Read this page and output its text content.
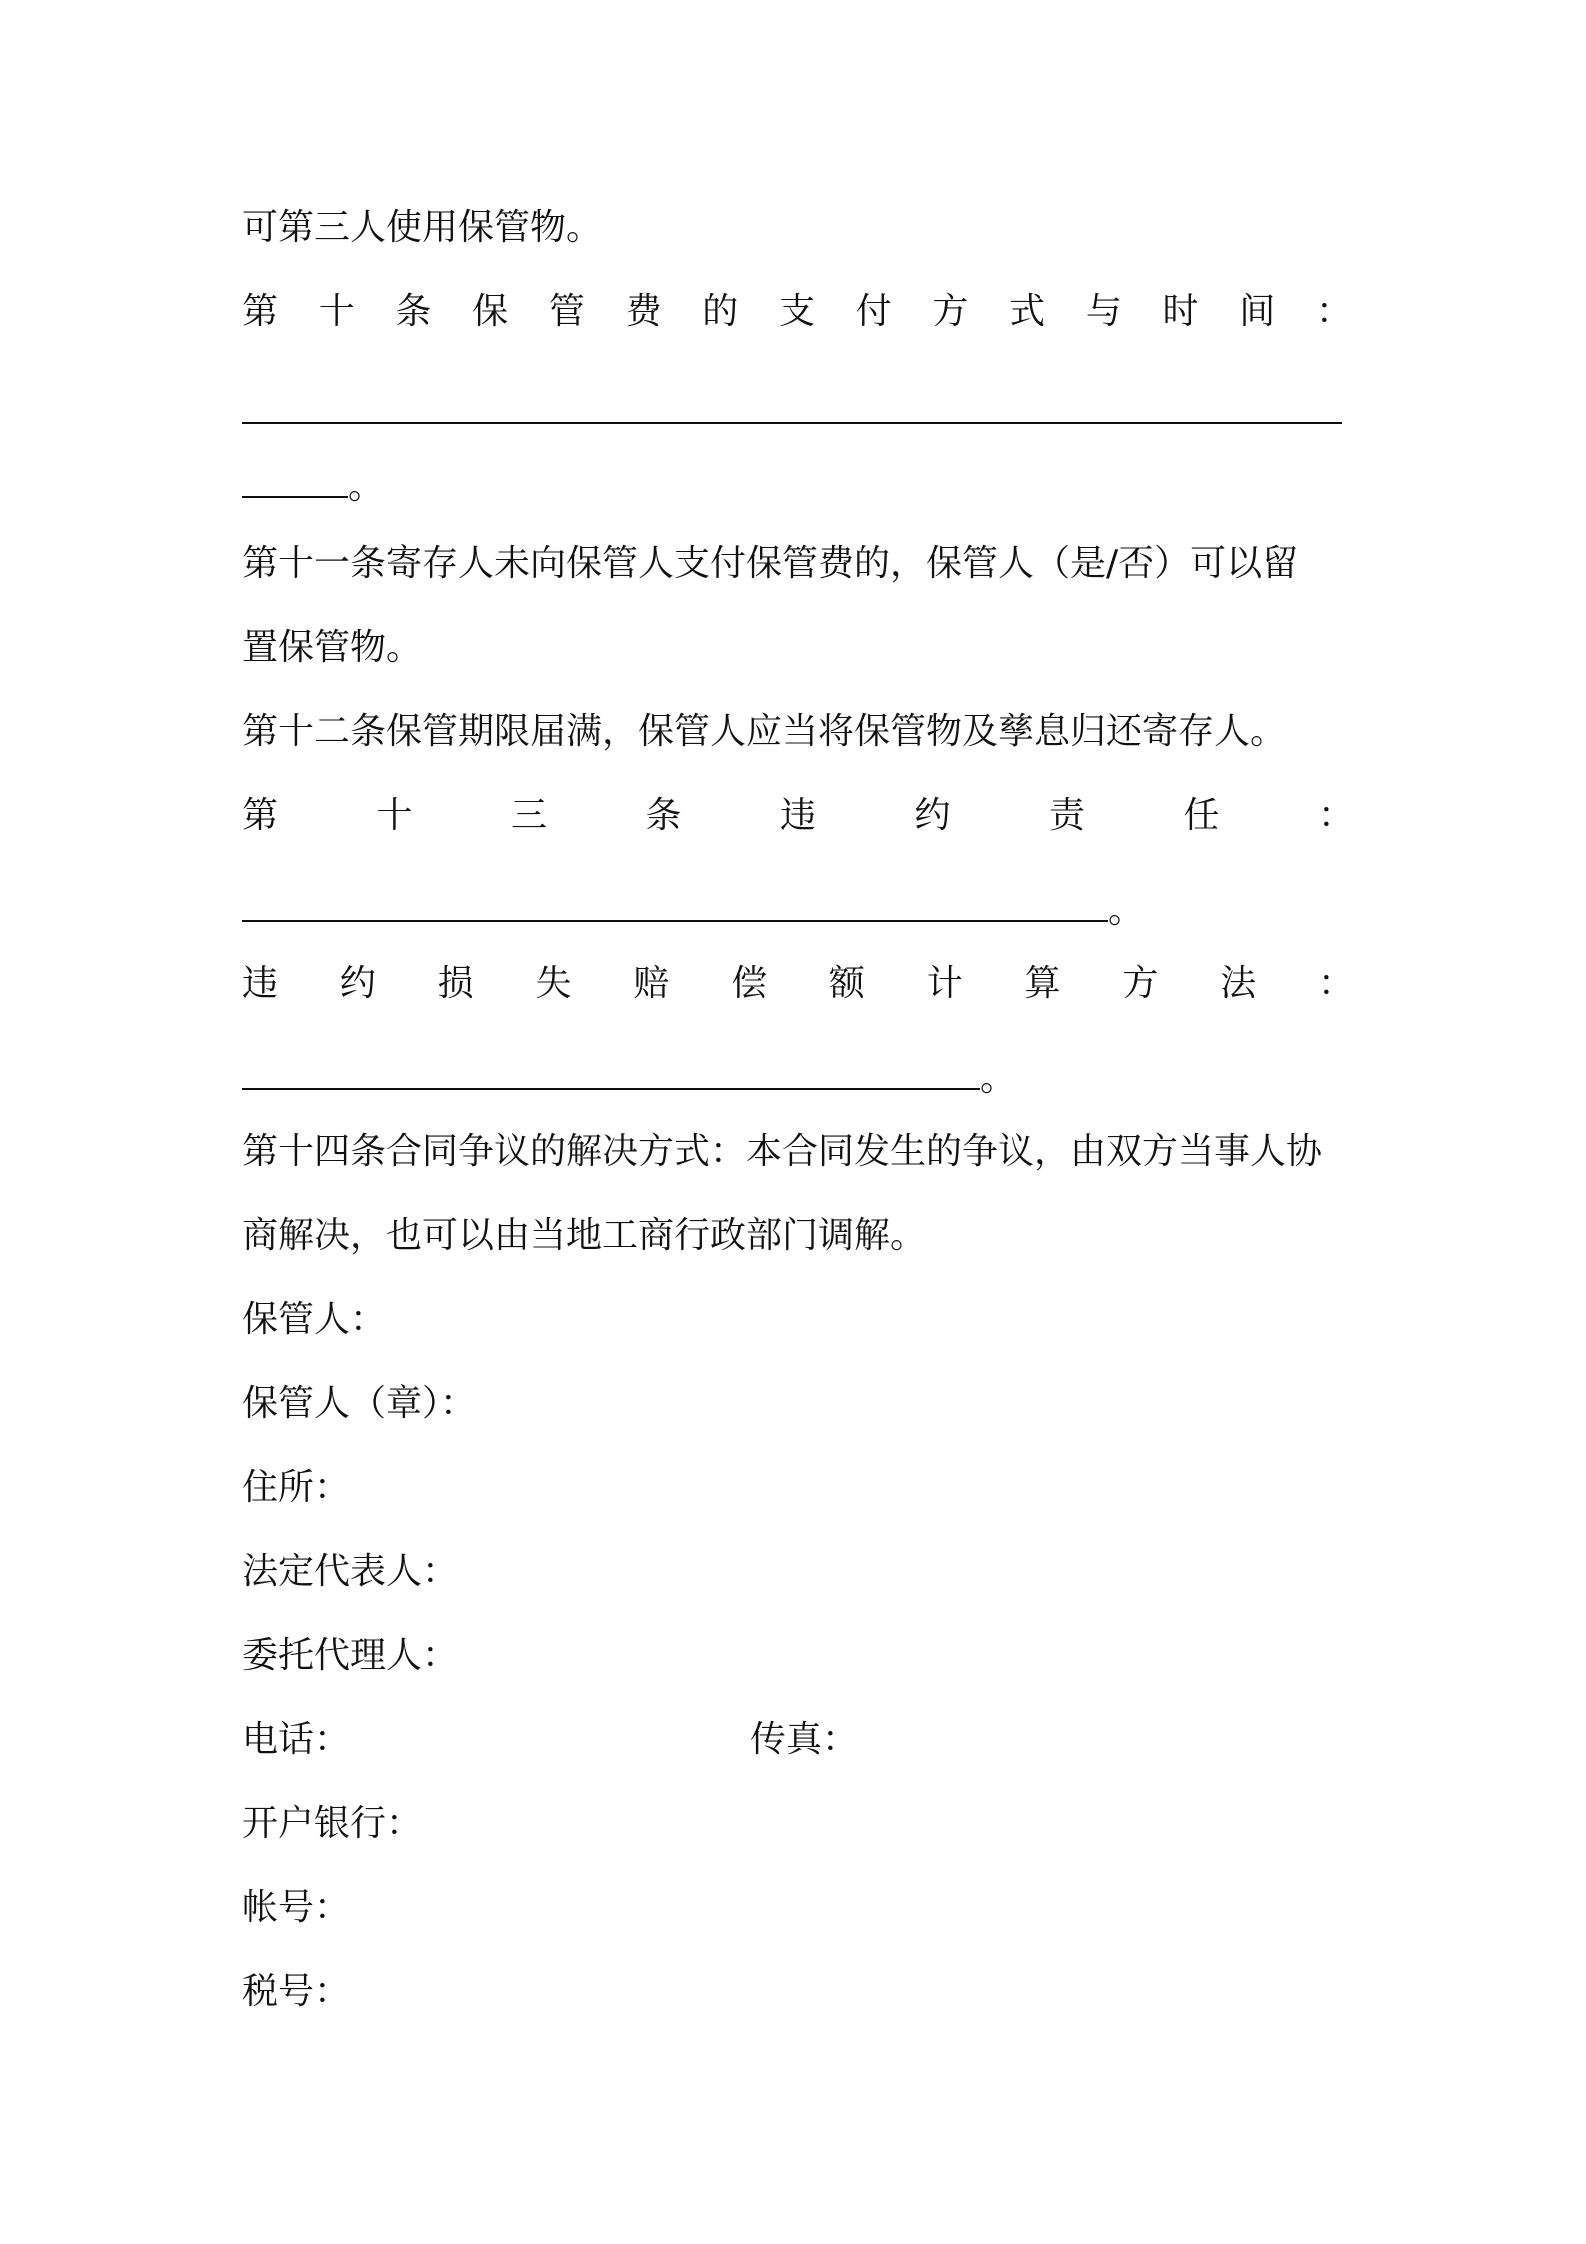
可第三人使用保管物。
第十条保管费的支付方式与时间：
。
第十一条寄存人未向保管人支付保管费的，保管人（是/否）可以留
置保管物。
第十二条保管期限届满，保管人应当将保管物及孳息归还寄存人。
第十三条违约责任：
。
违约损失赔偿额计算方法：
。
第十四条合同争议的解决方式：本合同发生的争议，由双方当事人协
商解决，也可以由当地工商行政部门调解。
保管人：
保管人（章）：
住所：
法定代表人：
委托代理人：
电话：	传真：
开户银行：
帐号：
税号：
